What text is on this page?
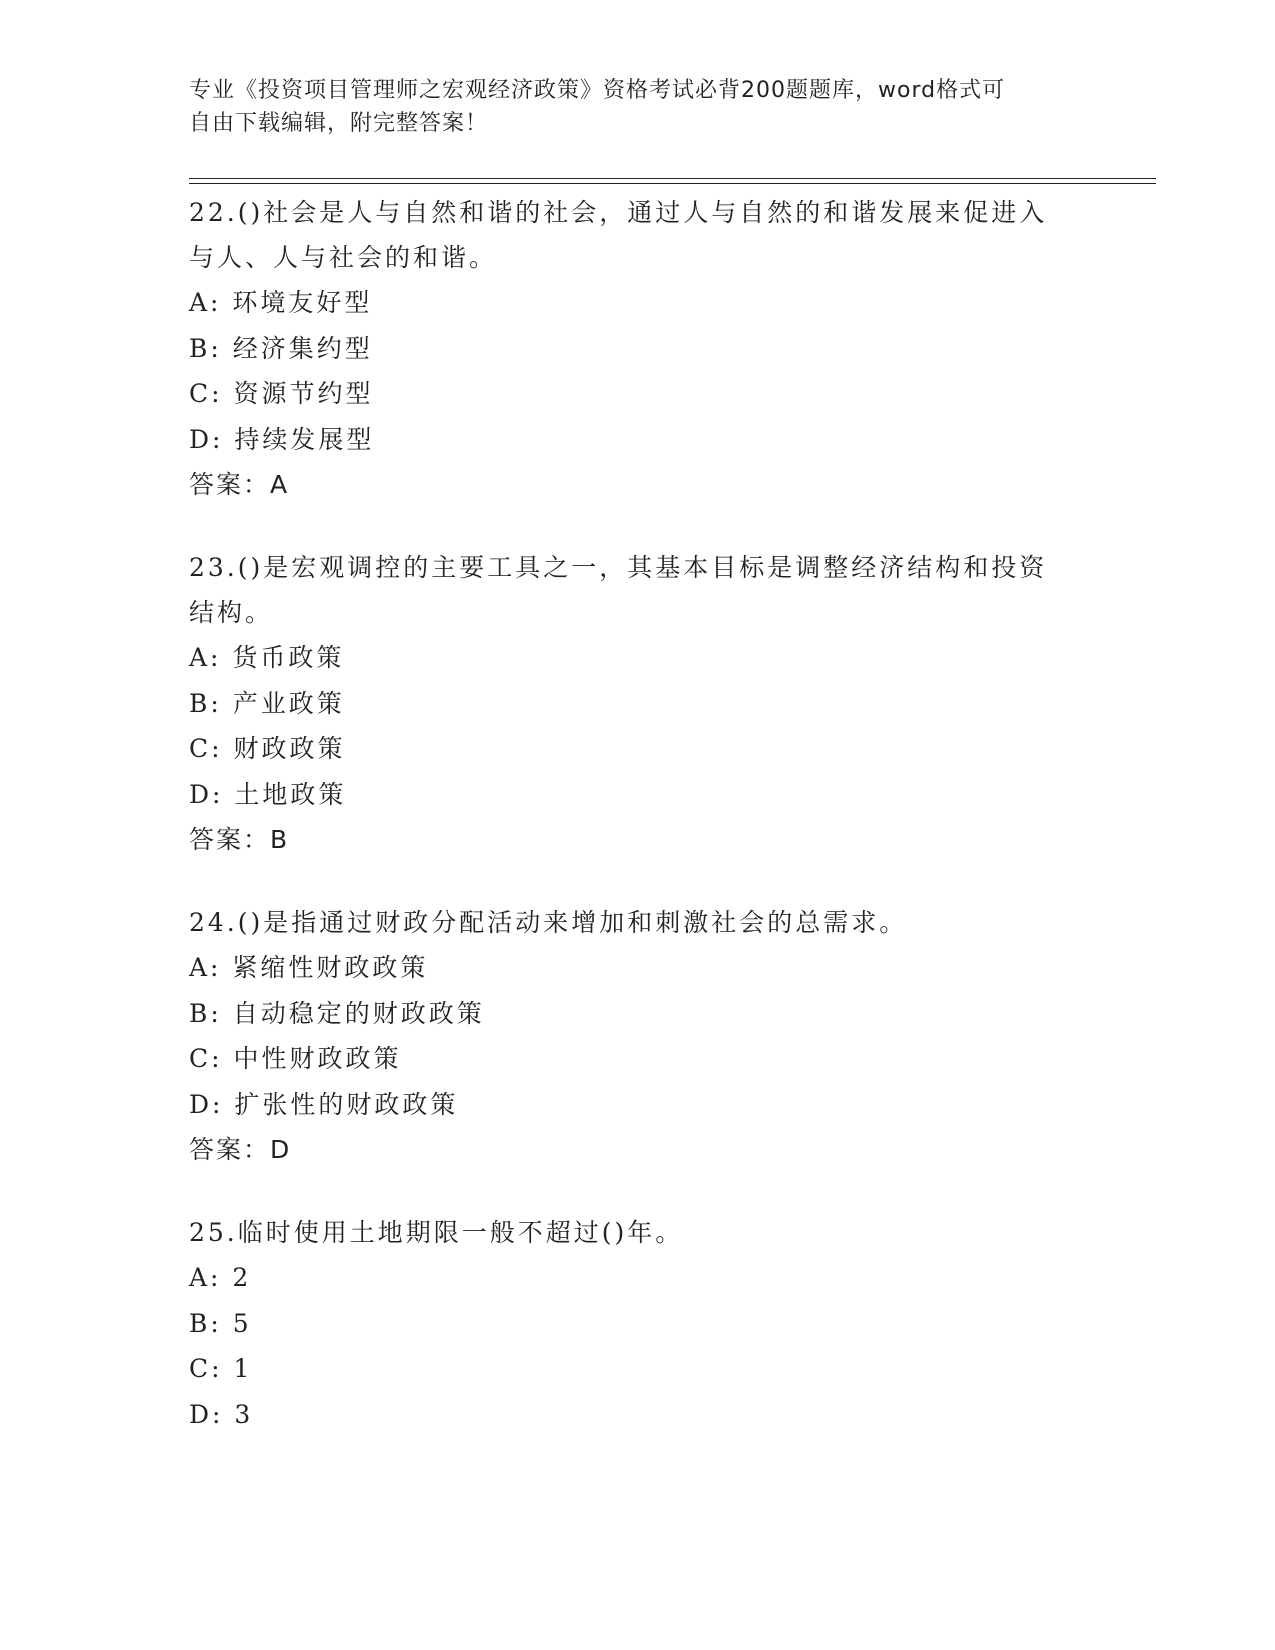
专业《投资项目管理师之宏观经济政策》资格考试必背200题题库，word格式可
自由下载编辑，附完整答案！
22.()社会是人与自然和谐的社会，通过人与自然的和谐发展来促进入
与人、人与社会的和谐。
A: 环境友好型
B: 经济集约型
C: 资源节约型
D: 持续发展型
答案：A
23.()是宏观调控的主要工具之一，其基本目标是调整经济结构和投资
结构。
A: 货币政策
B: 产业政策
C: 财政政策
D: 土地政策
答案：B
24.()是指通过财政分配活动来增加和刺激社会的总需求。
A: 紧缩性财政政策
B: 自动稳定的财政政策
C: 中性财政政策
D: 扩张性的财政政策
答案：D
25.临时使用土地期限一般不超过()年。
A: 2
B: 5
C: 1
D: 3
